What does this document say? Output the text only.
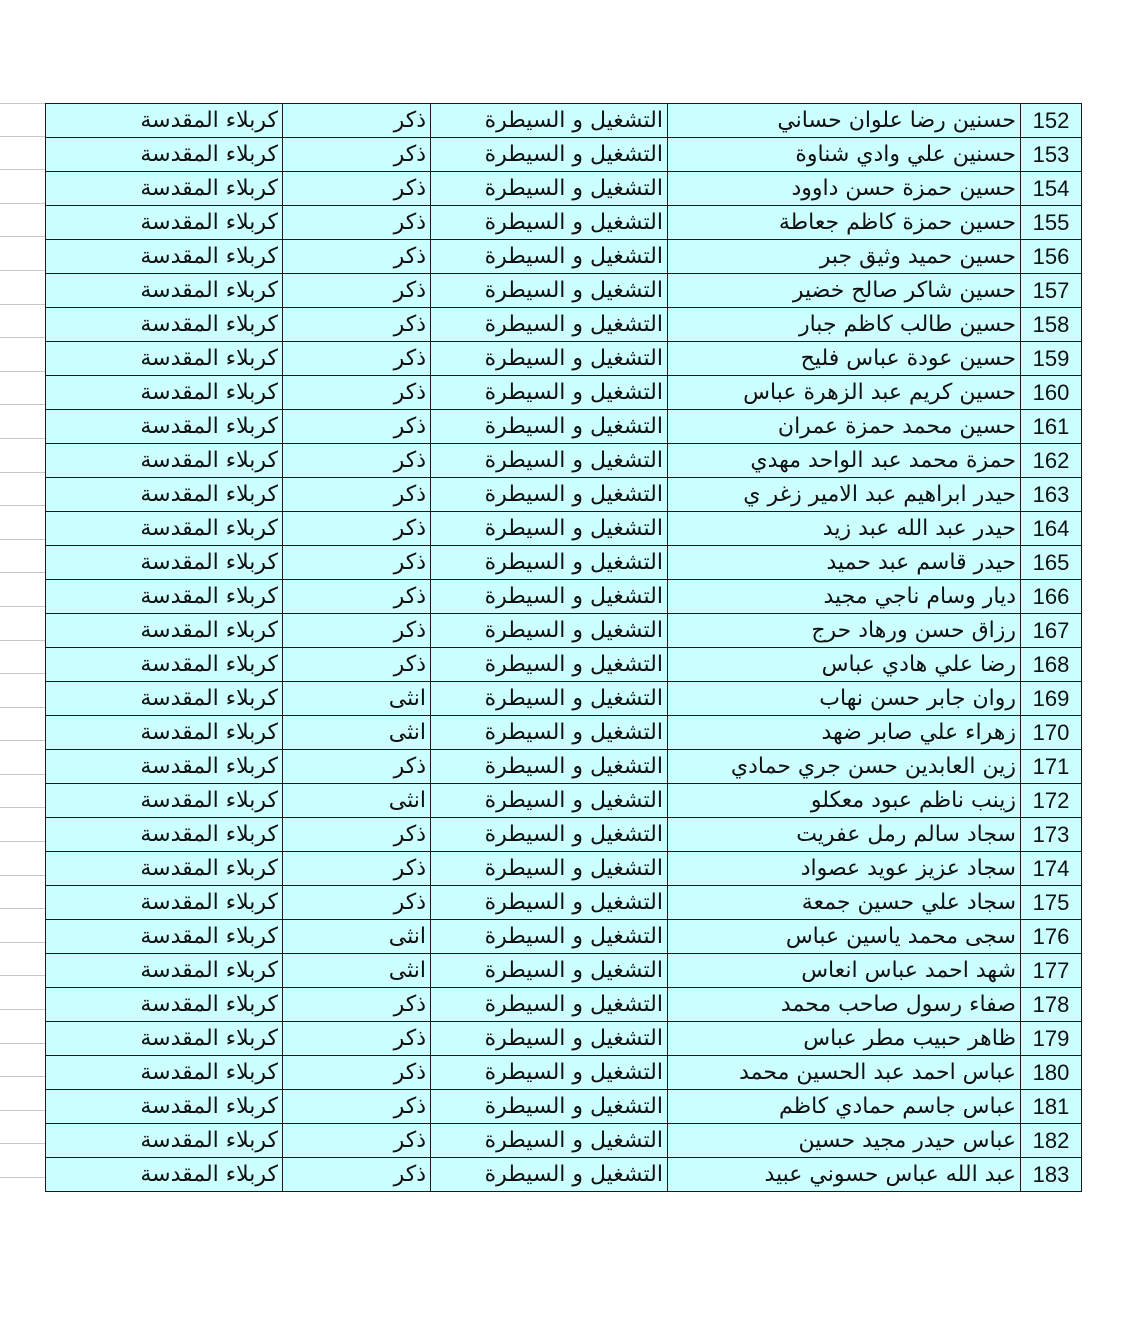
152	حسنين رضا علوان حساني	التشغيل و السيطرة	ذكر	كربلاء المقدسة
153	حسنين علي وادي شناوة	التشغيل و السيطرة	ذكر	كربلاء المقدسة
154	حسين حمزة حسن داوود	التشغيل و السيطرة	ذكر	كربلاء المقدسة
155	حسين حمزة كاظم جعاطة	التشغيل و السيطرة	ذكر	كربلاء المقدسة
156	حسين حميد وثيق جبر	التشغيل و السيطرة	ذكر	كربلاء المقدسة
157	حسين شاكر صالح خضير	التشغيل و السيطرة	ذكر	كربلاء المقدسة
158	حسين طالب كاظم جبار	التشغيل و السيطرة	ذكر	كربلاء المقدسة
159	حسين عودة عباس فليح	التشغيل و السيطرة	ذكر	كربلاء المقدسة
160	حسين كريم عبد الزهرة عباس	التشغيل و السيطرة	ذكر	كربلاء المقدسة
161	حسين محمد حمزة عمران	التشغيل و السيطرة	ذكر	كربلاء المقدسة
162	حمزة محمد عبد الواحد مهدي	التشغيل و السيطرة	ذكر	كربلاء المقدسة
163	حيدر ابراهيم عبد الامير زغر ي	التشغيل و السيطرة	ذكر	كربلاء المقدسة
164	حيدر عبد الله عبد زيد	التشغيل و السيطرة	ذكر	كربلاء المقدسة
165	حيدر قاسم عبد حميد	التشغيل و السيطرة	ذكر	كربلاء المقدسة
166	ديار وسام ناجي مجيد	التشغيل و السيطرة	ذكر	كربلاء المقدسة
167	رزاق حسن ورهاد حرج	التشغيل و السيطرة	ذكر	كربلاء المقدسة
168	رضا علي هادي عباس	التشغيل و السيطرة	ذكر	كربلاء المقدسة
169	روان جابر حسن نهاب	التشغيل و السيطرة	انثى	كربلاء المقدسة
170	زهراء علي صابر ضهد	التشغيل و السيطرة	انثى	كربلاء المقدسة
171	زين العابدين حسن جري حمادي	التشغيل و السيطرة	ذكر	كربلاء المقدسة
172	زينب ناظم عبود معكلو	التشغيل و السيطرة	انثى	كربلاء المقدسة
173	سجاد سالم رمل عفريت	التشغيل و السيطرة	ذكر	كربلاء المقدسة
174	سجاد عزيز عويد عصواد	التشغيل و السيطرة	ذكر	كربلاء المقدسة
175	سجاد علي حسين جمعة	التشغيل و السيطرة	ذكر	كربلاء المقدسة
176	سجى محمد ياسين عباس	التشغيل و السيطرة	انثى	كربلاء المقدسة
177	شهد احمد عباس انعاس	التشغيل و السيطرة	انثى	كربلاء المقدسة
178	صفاء رسول صاحب محمد	التشغيل و السيطرة	ذكر	كربلاء المقدسة
179	ظاهر حبيب مطر عباس	التشغيل و السيطرة	ذكر	كربلاء المقدسة
180	عباس احمد عبد الحسين محمد	التشغيل و السيطرة	ذكر	كربلاء المقدسة
181	عباس جاسم حمادي كاظم	التشغيل و السيطرة	ذكر	كربلاء المقدسة
182	عباس حيدر مجيد حسين	التشغيل و السيطرة	ذكر	كربلاء المقدسة
183	عبد الله عباس حسوني عبيد	التشغيل و السيطرة	ذكر	كربلاء المقدسة
